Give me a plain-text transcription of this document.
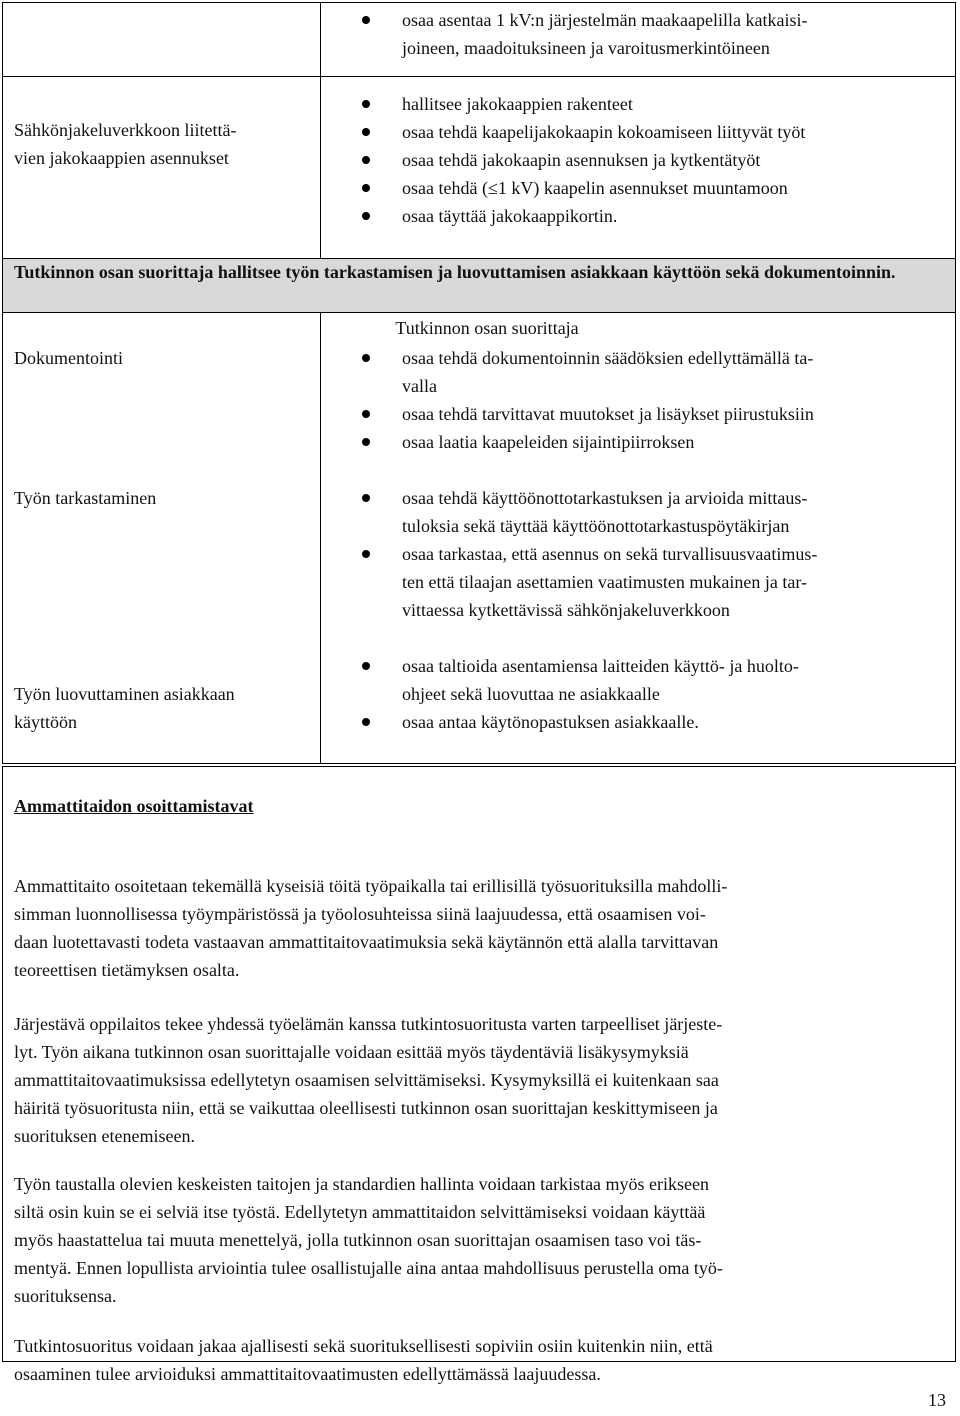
osaa asentaa 1 kV:n järjestelmän maakaapelilla katkaisi-
joineen, maadoituksineen ja varoitusmerkintöineen

Sähkönjakeluverkkoon liitettä-
vien jakokaappien asennukset

hallitsee jakokaappien rakenteet
osaa tehdä kaapelijakokaapin kokoamiseen liittyvät työt
osaa tehdä jakokaapin asennuksen ja kytkentätyöt
osaa tehdä (≤1 kV) kaapelin asennukset muuntamoon
osaa täyttää jakokaappikortin.
Tutkinnon osan suorittaja hallitsee työn tarkastamisen ja luovuttamisen asiakkaan käyttöön sekä dokumentoinnin.
Tutkinnon osan suorittaja
Dokumentointi	osaa tehdä dokumentoinnin säädöksien edellyttämällä ta-
valla
osaa tehdä tarvittavat muutokset ja lisäykset piirustuksiin
osaa laatia kaapeleiden sijaintipiirroksen
Työn tarkastaminen	osaa tehdä käyttöönottotarkastuksen ja arvioida mittaus-
tuloksia sekä täyttää käyttöönottotarkastuspöytäkirjan
osaa tarkastaa, että asennus on sekä turvallisuusvaatimus-
ten että tilaajan asettamien vaatimusten mukainen ja tar-
vittaessa kytkettävissä sähkönjakeluverkkoon

Työn luovuttaminen asiakkaan
käyttöön

osaa taltioida asentamiensa laitteiden käyttö- ja huolto-
ohjeet sekä luovuttaa ne asiakkaalle
osaa antaa käytönopastuksen asiakkaalle.
Ammattitaidon osoittamistavat

Ammattitaito osoitetaan tekemällä kyseisiä töitä työpaikalla tai erillisillä työsuorituksilla mahdolli-
simman luonnollisessa työympäristössä ja työolosuhteissa siinä laajuudessa, että osaamisen voi-
daan luotettavasti todeta vastaavan ammattitaitovaatimuksia sekä käytännön että alalla tarvittavan
teoreettisen tietämyksen osalta.

Järjestävä oppilaitos tekee yhdessä työelämän kanssa tutkintosuoritusta varten tarpeelliset järjeste-
lyt. Työn aikana tutkinnon osan suorittajalle voidaan esittää myös täydentäviä lisäkysymyksiä
ammattitaitovaatimuksissa edellytetyn osaamisen selvittämiseksi. Kysymyksillä ei kuitenkaan saa
häiritä työsuoritusta niin, että se vaikuttaa oleellisesti tutkinnon osan suorittajan keskittymiseen ja
suorituksen etenemiseen.

Työn taustalla olevien keskeisten taitojen ja standardien hallinta voidaan tarkistaa myös erikseen
siltä osin kuin se ei selviä itse työstä. Edellytetyn ammattitaidon selvittämiseksi voidaan käyttää
myös haastattelua tai muuta menettelyä, jolla tutkinnon osan suorittajan osaamisen taso voi täs-
mentyä. Ennen lopullista arviointia tulee osallistujalle aina antaa mahdollisuus perustella oma työ-
suorituksensa.

Tutkintosuoritus voidaan jakaa ajallisesti sekä suorituksellisesti sopiviin osiin kuitenkin niin, että
osaaminen tulee arvioiduksi ammattitaitovaatimusten edellyttämässä laajuudessa.

13
